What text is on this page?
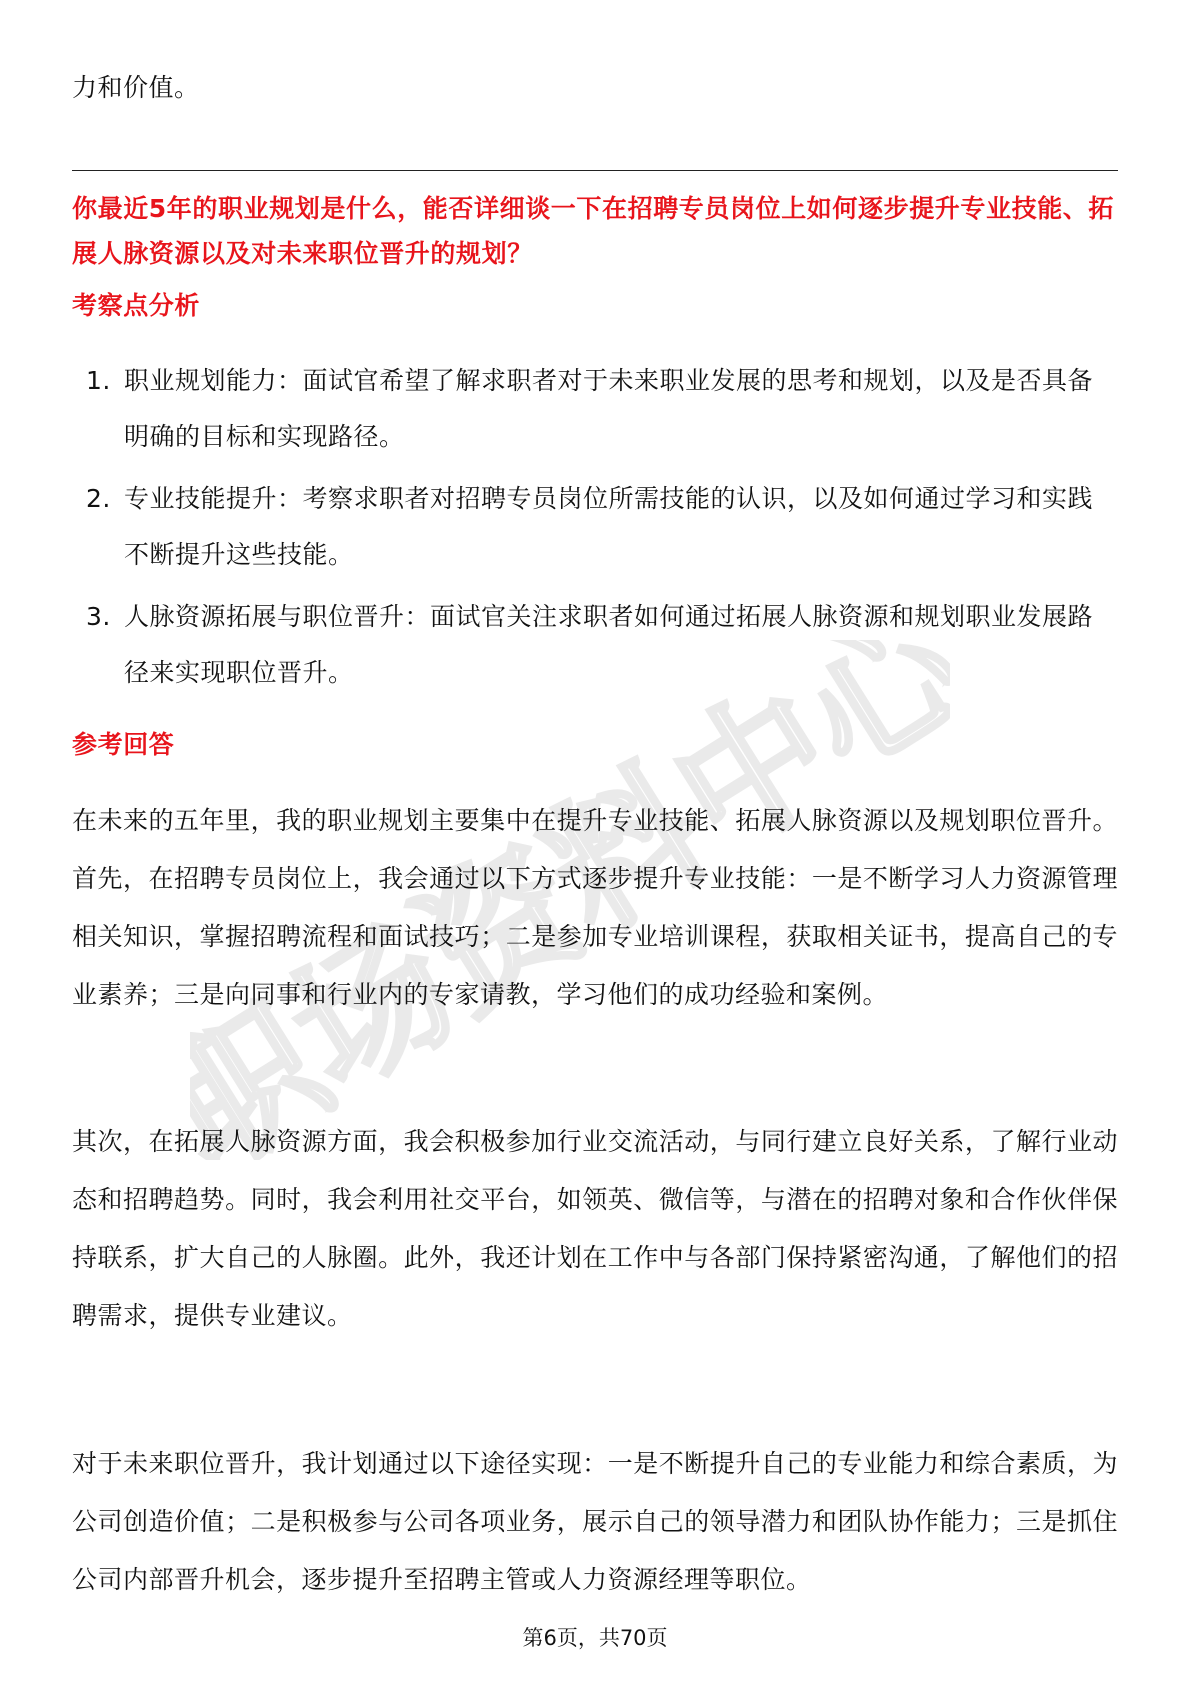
职场资料中心
力和价值。
你最近5年的职业规划是什么，能否详细谈一下在招聘专员岗位上如何逐步提升专业技能、拓展人脉资源以及对未来职位晋升的规划？
考察点分析
1. 职业规划能力：面试官希望了解求职者对于未来职业发展的思考和规划，以及是否具备明确的目标和实现路径。
2. 专业技能提升：考察求职者对招聘专员岗位所需技能的认识，以及如何通过学习和实践不断提升这些技能。
3. 人脉资源拓展与职位晋升：面试官关注求职者如何通过拓展人脉资源和规划职业发展路径来实现职位晋升。
参考回答

在未来的五年里，我的职业规划主要集中在提升专业技能、拓展人脉资源以及规划职位晋升。首先，在招聘专员岗位上，我会通过以下方式逐步提升专业技能：一是不断学习人力资源管理相关知识，掌握招聘流程和面试技巧；二是参加专业培训课程，获取相关证书，提高自己的专业素养；三是向同事和行业内的专家请教，学习他们的成功经验和案例。

其次，在拓展人脉资源方面，我会积极参加行业交流活动，与同行建立良好关系，了解行业动态和招聘趋势。同时，我会利用社交平台，如领英、微信等，与潜在的招聘对象和合作伙伴保持联系，扩大自己的人脉圈。此外，我还计划在工作中与各部门保持紧密沟通，了解他们的招聘需求，提供专业建议。

对于未来职位晋升，我计划通过以下途径实现：一是不断提升自己的专业能力和综合素质，为公司创造价值；二是积极参与公司各项业务，展示自己的领导潜力和团队协作能力；三是抓住公司内部晋升机会，逐步提升至招聘主管或人力资源经理等职位。

第6页，共70页
